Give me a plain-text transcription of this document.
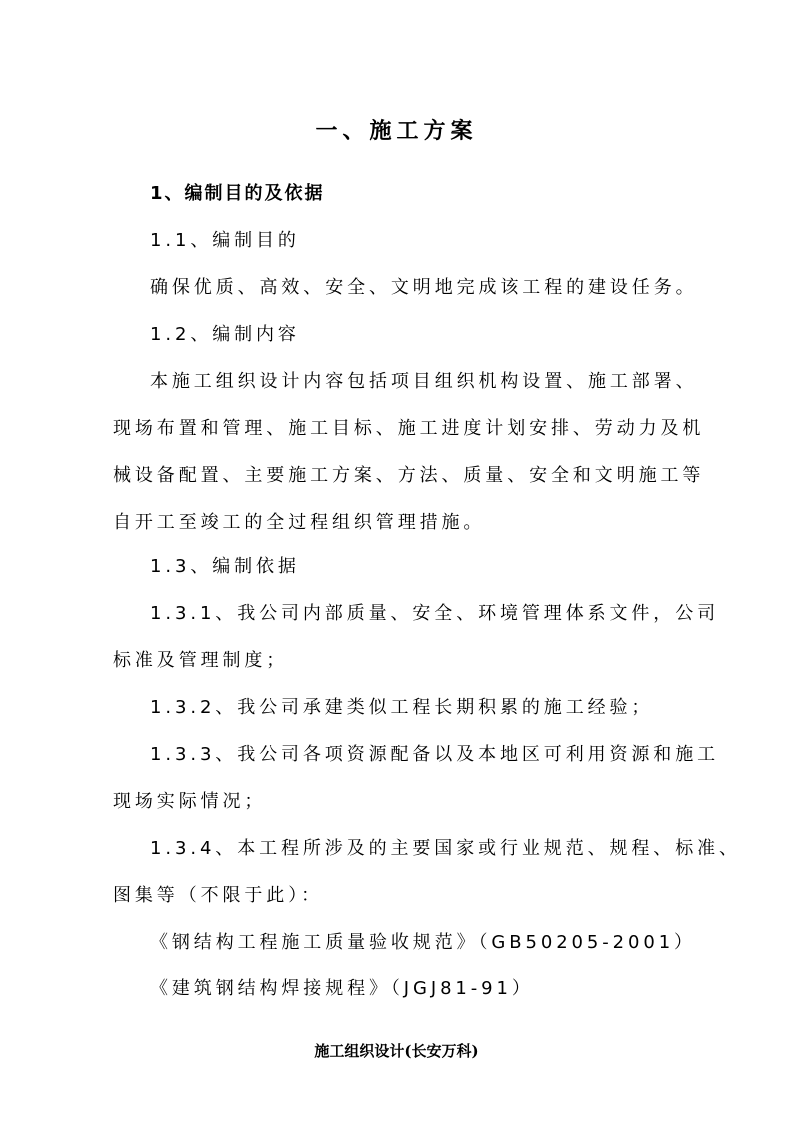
一、施工方案
1、编制目的及依据
1.1、编制目的
确保优质、高效、安全、文明地完成该工程的建设任务。
1.2、编制内容
本施工组织设计内容包括项目组织机构设置、施工部署、
现场布置和管理、施工目标、施工进度计划安排、劳动力及机
械设备配置、主要施工方案、方法、质量、安全和文明施工等
自开工至竣工的全过程组织管理措施。
1.3、编制依据
1.3.1、我公司内部质量、安全、环境管理体系文件，公司
标准及管理制度；
1.3.2、我公司承建类似工程长期积累的施工经验；
1.3.3、我公司各项资源配备以及本地区可利用资源和施工
现场实际情况；
1.3.4、本工程所涉及的主要国家或行业规范、规程、标准、
图集等（不限于此）：
《钢结构工程施工质量验收规范》（GB50205-2001）
《建筑钢结构焊接规程》（JGJ81-91）
施工组织设计(长安万科)
